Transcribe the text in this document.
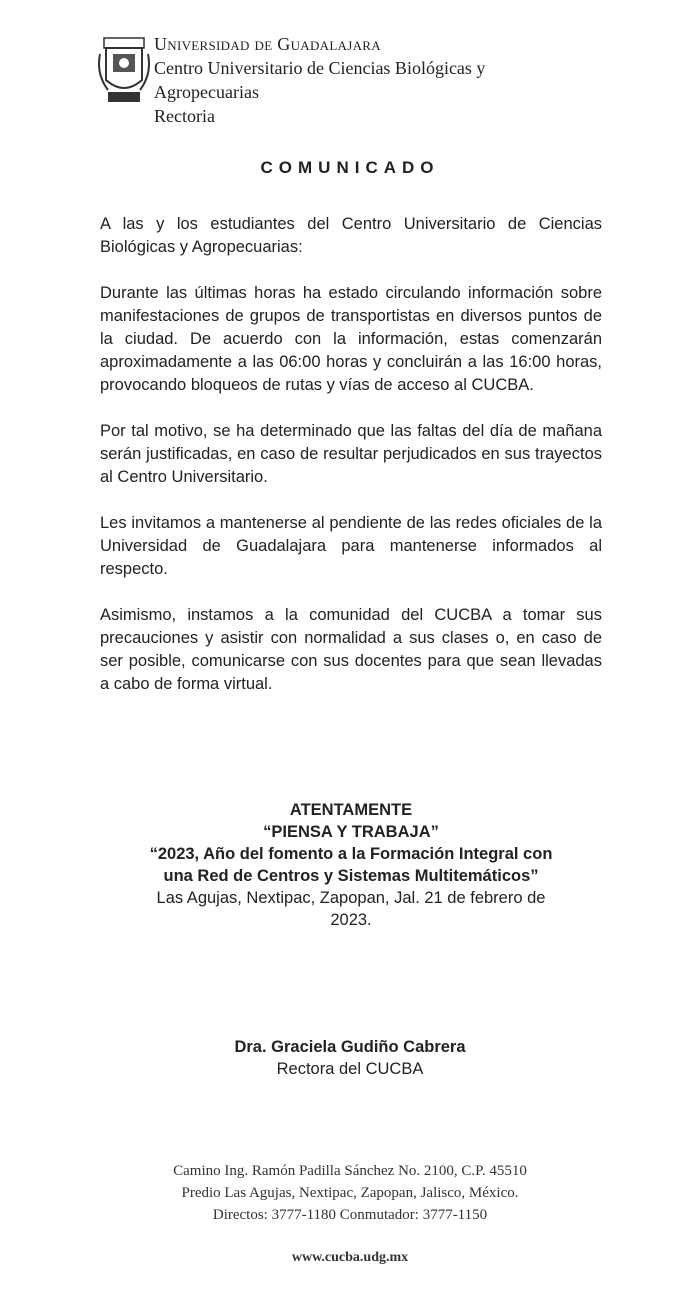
Universidad de Guadalajara
Centro Universitario de Ciencias Biológicas y
Agropecuarias
Rectoria
COMUNICADO

A las y los estudiantes del Centro Universitario de Ciencias Biológicas y Agropecuarias:

Durante las últimas horas ha estado circulando información sobre manifestaciones de grupos de transportistas en diversos puntos de la ciudad. De acuerdo con la información, estas comenzarán aproximadamente a las 06:00 horas y concluirán a las 16:00 horas, provocando bloqueos de rutas y vías de acceso al CUCBA.

Por tal motivo, se ha determinado que las faltas del día de mañana serán justificadas, en caso de resultar perjudicados en sus trayectos al Centro Universitario.

Les invitamos a mantenerse al pendiente de las redes oficiales de la Universidad de Guadalajara para mantenerse informados al respecto.

Asimismo, instamos a la comunidad del CUCBA a tomar sus precauciones y asistir con normalidad a sus clases o, en caso de ser posible, comunicarse con sus docentes para que sean llevadas a cabo de forma virtual.

ATENTAMENTE
“PIENSA Y TRABAJA”
“2023, Año del fomento a la Formación Integral con
una Red de Centros y Sistemas Multitemáticos”
Las Agujas, Nextipac, Zapopan, Jal. 21 de febrero de
2023.
Dra. Graciela Gudiño Cabrera
Rectora del CUCBA
Camino Ing. Ramón Padilla Sánchez No. 2100, C.P. 45510
Predio Las Agujas, Nextipac, Zapopan, Jalisco, México.
Directos: 3777-1180 Conmutador: 3777-1150
www.cucba.udg.mx
